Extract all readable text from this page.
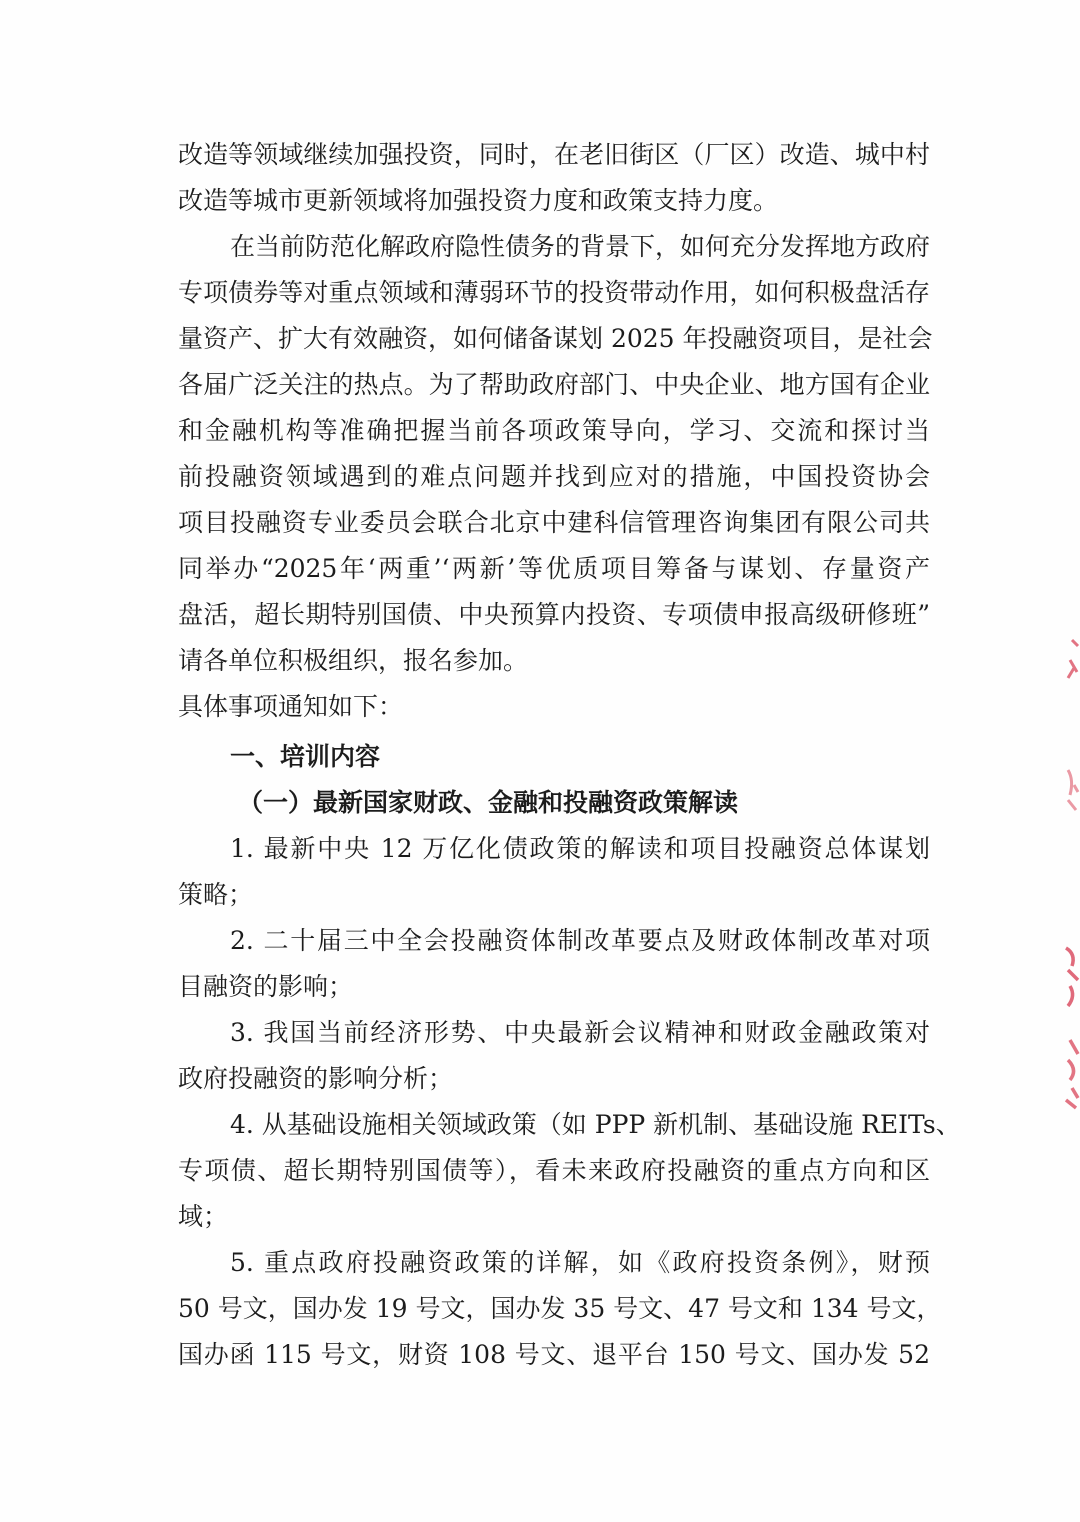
改造等领域继续加强投资，同时，在老旧街区（厂区）改造、城中村
改造等城市更新领域将加强投资力度和政策支持力度。
在当前防范化解政府隐性债务的背景下，如何充分发挥地方政府
专项债券等对重点领域和薄弱环节的投资带动作用，如何积极盘活存
量资产、扩大有效融资，如何储备谋划 2025 年投融资项目，是社会
各届广泛关注的热点。为了帮助政府部门、中央企业、地方国有企业
和金融机构等准确把握当前各项政策导向，学习、交流和探讨当
前投融资领域遇到的难点问题并找到应对的措施，中国投资协会
项目投融资专业委员会联合北京中建科信管理咨询集团有限公司共
同举办“2025年‘两重’‘两新’等优质项目筹备与谋划、存量资产
盘活，超长期特别国债、中央预算内投资、专项债申报高级研修班”
请各单位积极组织，报名参加。
具体事项通知如下：
一、培训内容
（一）最新国家财政、金融和投融资政策解读
1. 最新中央 12 万亿化债政策的解读和项目投融资总体谋划
策略；
2. 二十届三中全会投融资体制改革要点及财政体制改革对项
目融资的影响；
3. 我国当前经济形势、中央最新会议精神和财政金融政策对
政府投融资的影响分析；
4. 从基础设施相关领域政策（如 PPP 新机制、基础设施 REITs、
专项债、超长期特别国债等），看未来政府投融资的重点方向和区
域；
5. 重点政府投融资政策的详解，如《政府投资条例》，财预
50 号文，国办发 19 号文，国办发 35 号文、47 号文和 134 号文，
国办函 115 号文，财资 108 号文、退平台 150 号文、国办发 52
